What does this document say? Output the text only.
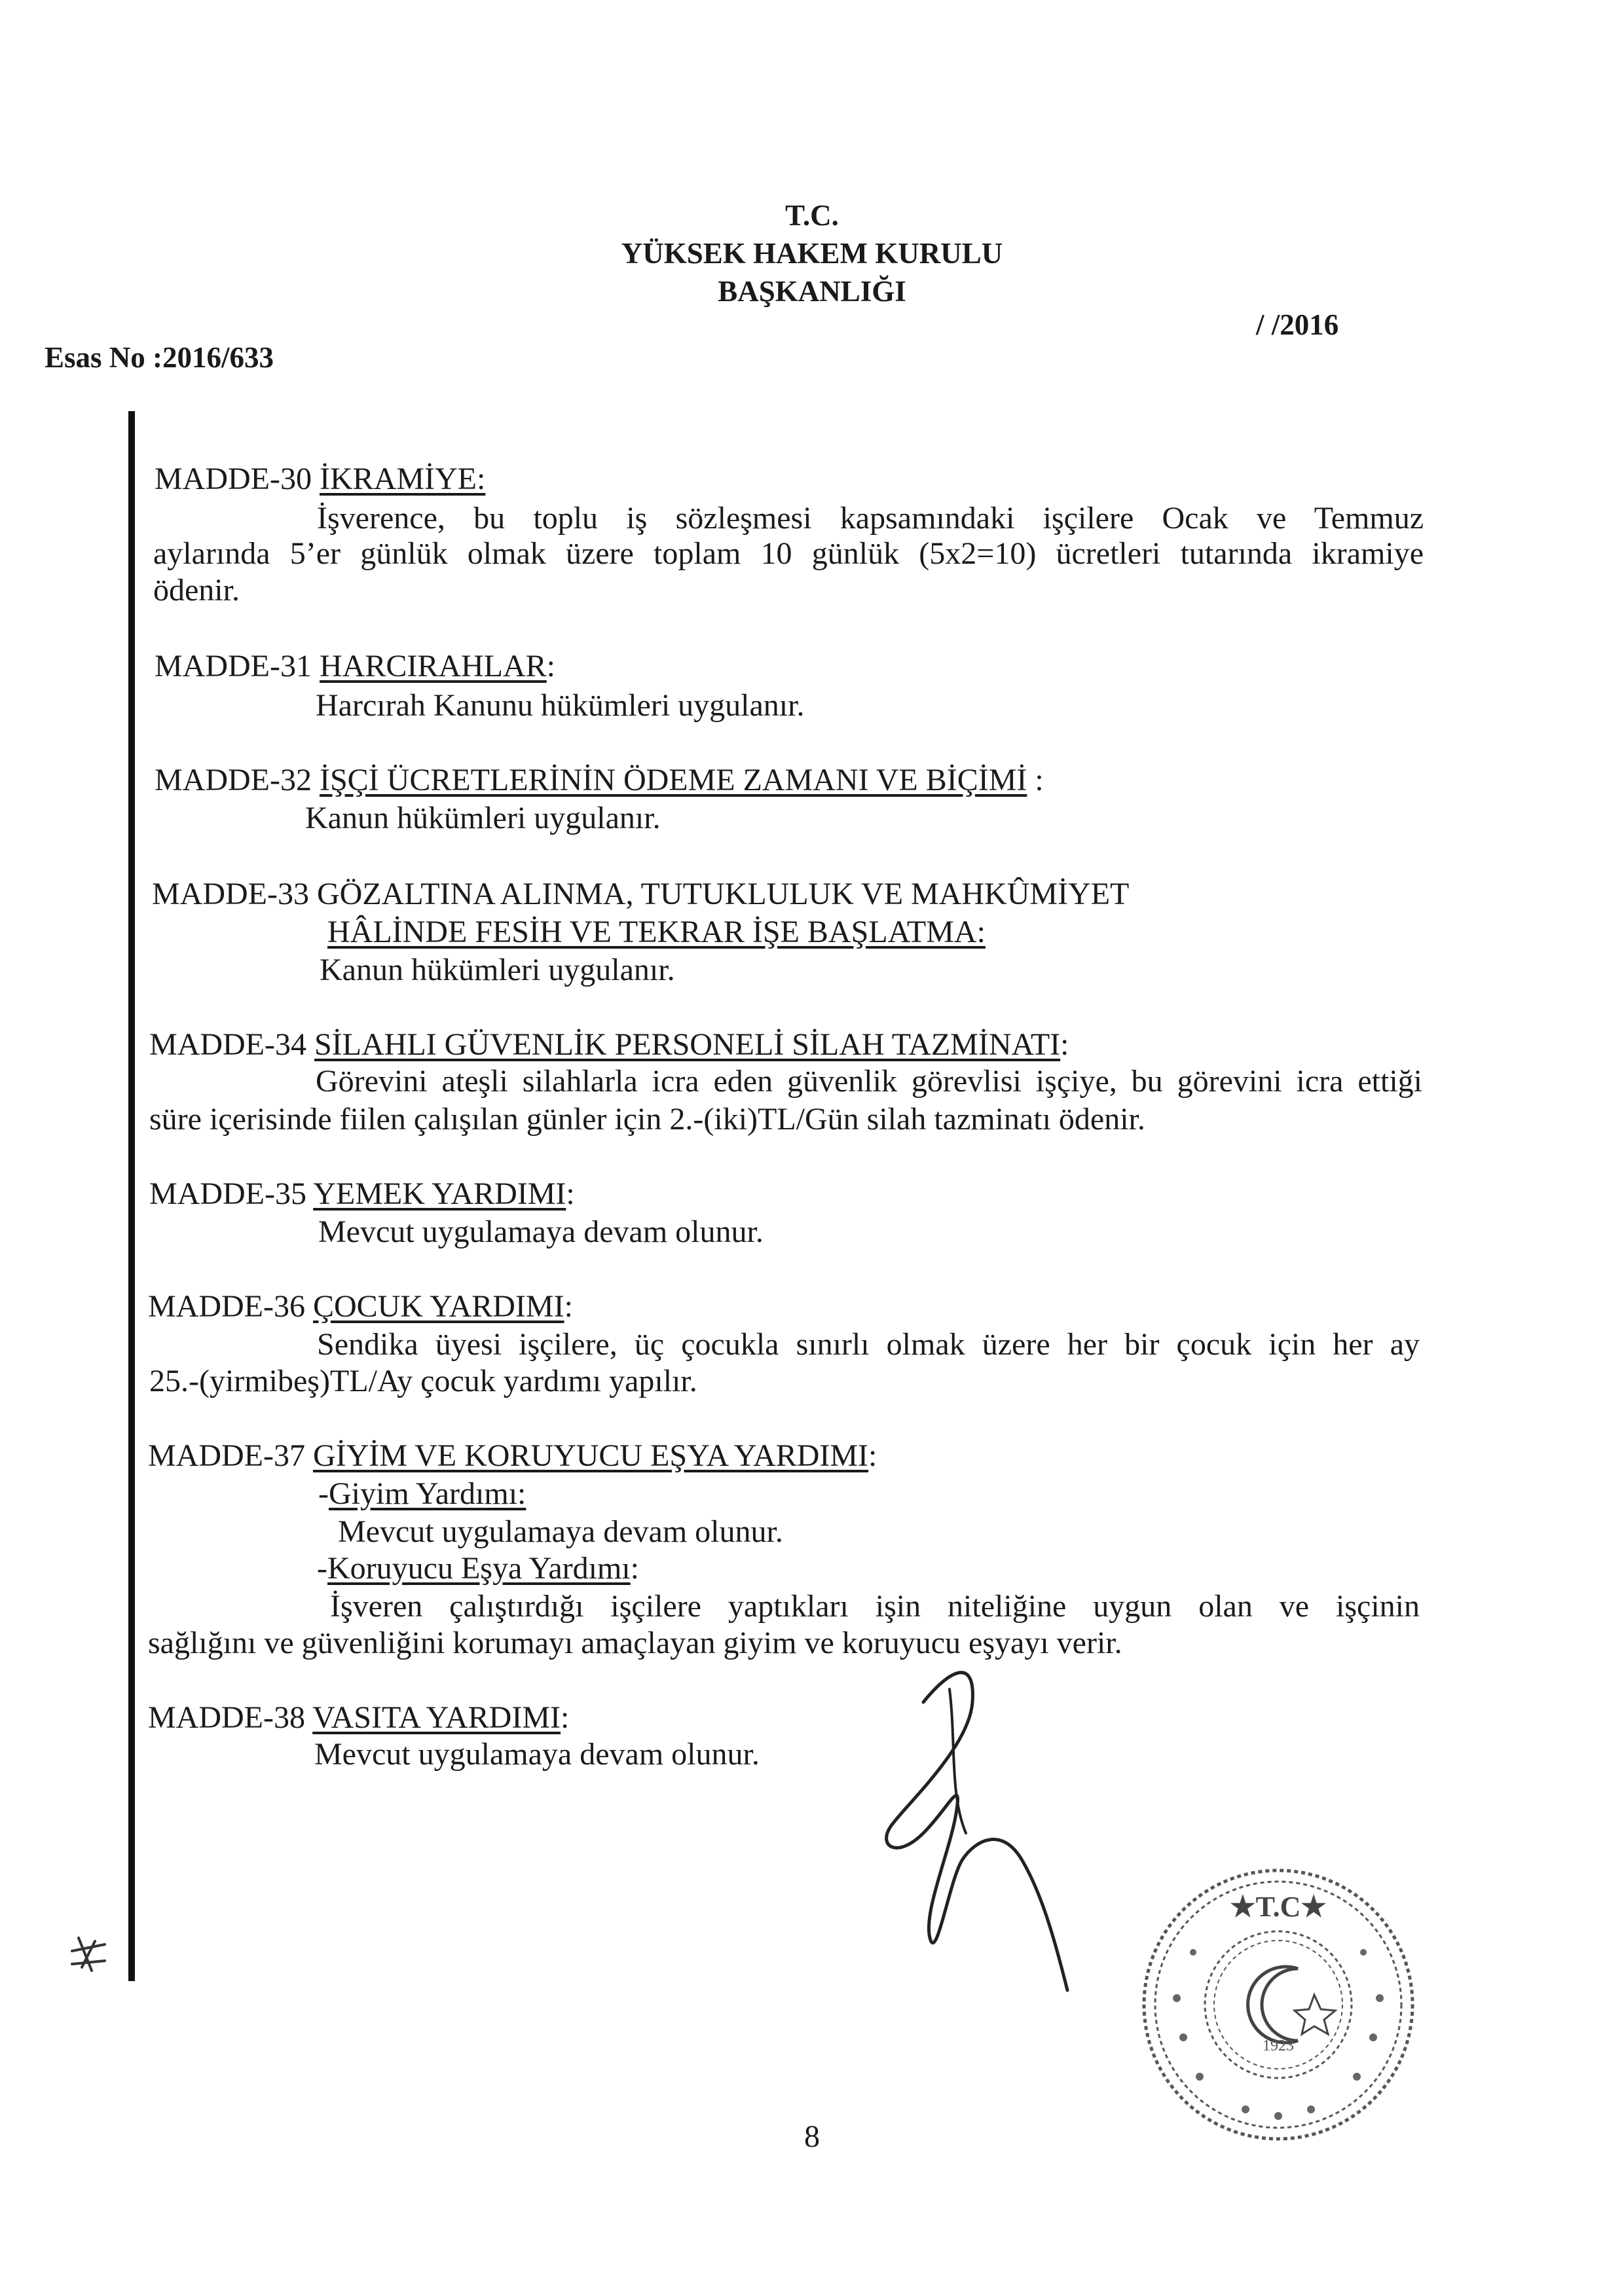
T.C.
YÜKSEK HAKEM KURULU
BAŞKANLIĞI
/ /2016
Esas No :2016/633
MADDE-30 İKRAMİYE:
İşverence, bu toplu iş sözleşmesi kapsamındaki işçilere Ocak ve Temmuz
aylarında 5’er günlük olmak üzere toplam 10 günlük (5x2=10) ücretleri tutarında ikramiye
ödenir.
MADDE-31 HARCIRAHLAR:
Harcırah Kanunu hükümleri uygulanır.
MADDE-32 İŞÇİ ÜCRETLERİNİN ÖDEME ZAMANI VE BİÇİMİ :
Kanun hükümleri uygulanır.
MADDE-33 GÖZALTINA ALINMA, TUTUKLULUK VE MAHKÛMİYET
HÂLİNDE FESİH VE TEKRAR İŞE BAŞLATMA:
Kanun hükümleri uygulanır.
MADDE-34 SİLAHLI GÜVENLİK PERSONELİ SİLAH TAZMİNATI:
Görevini ateşli silahlarla icra eden güvenlik görevlisi işçiye, bu görevini icra ettiği
süre içerisinde fiilen çalışılan günler için 2.-(iki)TL/Gün silah tazminatı ödenir.
MADDE-35 YEMEK YARDIMI:
Mevcut uygulamaya devam olunur.
MADDE-36 ÇOCUK YARDIMI:
Sendika üyesi işçilere, üç çocukla sınırlı olmak üzere her bir çocuk için her ay
25.-(yirmibeş)TL/Ay çocuk yardımı yapılır.
MADDE-37 GİYİM VE KORUYUCU EŞYA YARDIMI:
-Giyim Yardımı:
Mevcut uygulamaya devam olunur.
-Koruyucu Eşya Yardımı:
İşveren çalıştırdığı işçilere yaptıkları işin niteliğine uygun olan ve işçinin
sağlığını ve güvenliğini korumayı amaçlayan giyim ve koruyucu eşyayı verir.
MADDE-38 VASITA YARDIMI:
Mevcut uygulamaya devam olunur.
★T.C★
1923
8
